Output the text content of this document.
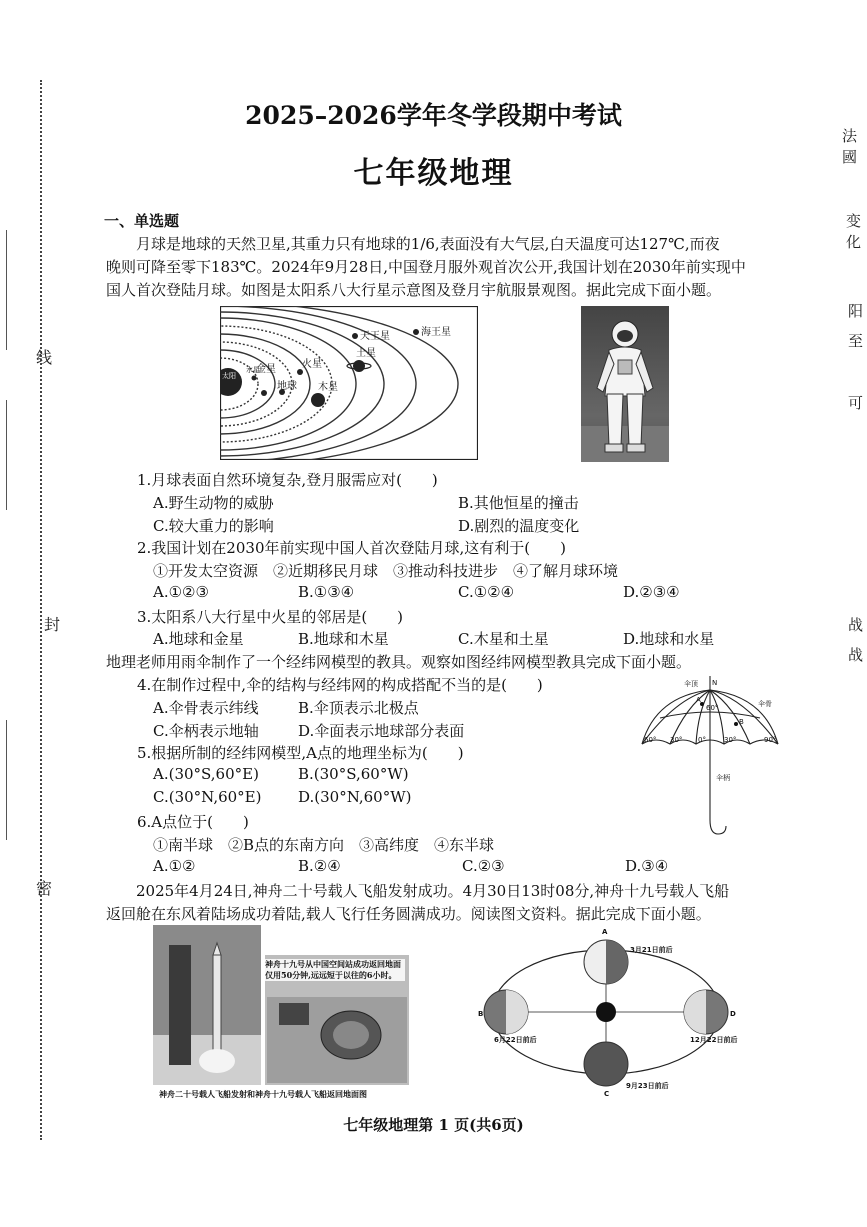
线
封
密
法國
变化
阳
至
可
战
战
2025–2026学年冬学段期中考试
七年级地理
一、单选题
月球是地球的天然卫星,其重力只有地球的1/6,表面没有大气层,白天温度可达127℃,而夜
晚则可降至零下183℃。2024年9月28日,中国登月服外观首次公开,我国计划在2030年前实现中
国人首次登陆月球。如图是太阳系八大行星示意图及登月宇航服景观图。据此完成下面小题。
太阳
水星
金星
地球
火星
木星
土星
天王星	海王星
1.月球表面自然环境复杂,登月服需应对(　　)
A.野生动物的威胁	B.其他恒星的撞击
C.较大重力的影响	D.剧烈的温度变化
2.我国计划在2030年前实现中国人首次登陆月球,这有利于(　　)
①开发太空资源　②近期移民月球　③推动科技进步　④了解月球环境
A.①②③	B.①③④	C.①②④	D.②③④
3.太阳系八大行星中火星的邻居是(　　)
A.地球和金星	B.地球和木星	C.木星和土星	D.地球和水星
地理老师用雨伞制作了一个经纬网模型的教具。观察如图经纬网模型教具完成下面小题。
4.在制作过程中,伞的结构与经纬网的构成搭配不当的是(　　)
A.伞骨表示纬线	B.伞顶表示北极点
C.伞柄表示地轴	D.伞面表示地球部分表面
5.根据所制的经纬网模型,A点的地理坐标为(　　)
A.(30°S,60°E)	B.(30°S,60°W)
C.(30°N,60°E) D.(30°N,60°W)
6.A点位于(　　)
①南半球　②B点的东南方向　③高纬度　④东半球
A.①②	B.②④	C.②③	D.③④
伞顶 N
伞骨
60°
A
B
60° 30° 0°	30°	90°
伞柄
2025年4月24日,神舟二十号载人飞船发射成功。4月30日13时08分,神舟十九号载人飞船
返回舱在东风着陆场成功着陆,载人飞行任务圆满成功。阅读图文资料。据此完成下面小题。
神舟十九号从中国空间站成功返回地面仅用50分钟,远远短于以往的6小时。
神舟二十号载人飞船发射和神舟十九号载人飞船返回地面图
A
B
C
D
3月21日前后
6月22日前后
9月23日前后
12月22日前后
七年级地理第 1 页(共6页)
